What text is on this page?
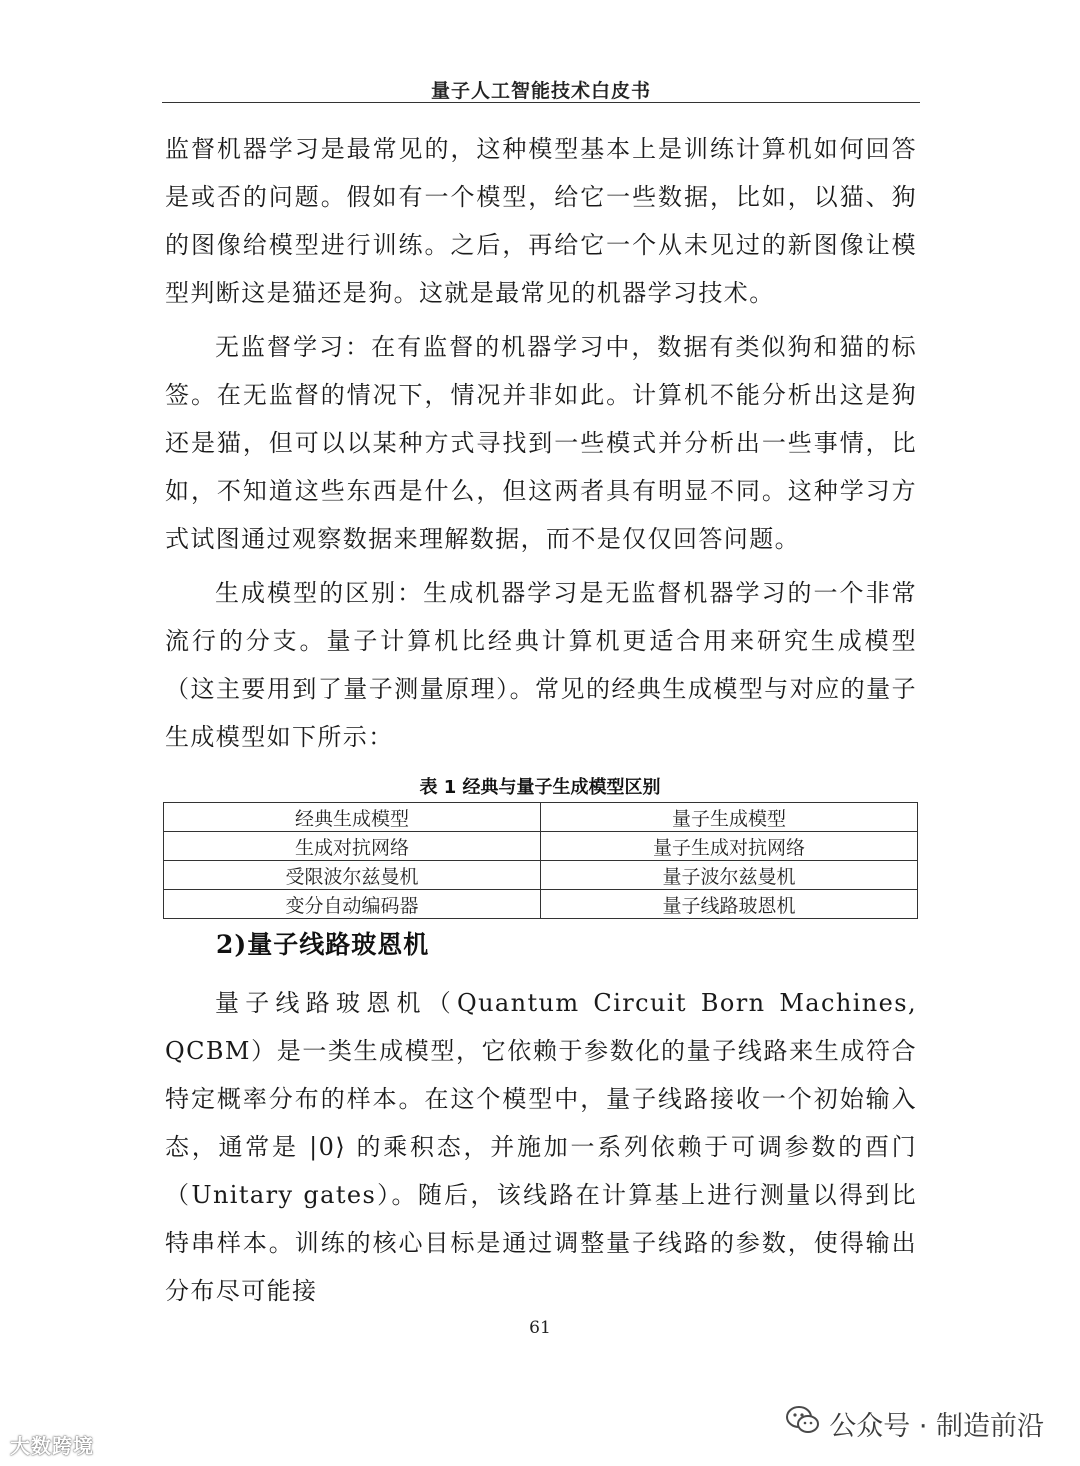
量子人工智能技术白皮书

监督机器学习是最常见的，这种模型基本上是训练计算机如何回答是或否的问题。假如有一个模型，给它一些数据，比如，以猫、狗的图像给模型进行训练。之后，再给它一个从未见过的新图像让模型判断这是猫还是狗。这就是最常见的机器学习技术。

无监督学习：在有监督的机器学习中，数据有类似狗和猫的标签。在无监督的情况下，情况并非如此。计算机不能分析出这是狗还是猫，但可以以某种方式寻找到一些模式并分析出一些事情，比如，不知道这些东西是什么，但这两者具有明显不同。这种学习方式试图通过观察数据来理解数据，而不是仅仅回答问题。

生成模型的区别：生成机器学习是无监督机器学习的一个非常流行的分支。量子计算机比经典计算机更适合用来研究生成模型（这主要用到了量子测量原理）。常见的经典生成模型与对应的量子生成模型如下所示：

表 1 经典与量子生成模型区别
经典生成模型	量子生成模型
生成对抗网络	量子生成对抗网络
受限波尔兹曼机	量子波尔兹曼机
变分自动编码器	量子线路玻恩机
2)量子线路玻恩机

量子线路玻恩机（Quantum Circuit Born Machines, QCBM）是一类生成模型，它依赖于参数化的量子线路来生成符合特定概率分布的样本。在这个模型中，量子线路接收一个初始输入态，通常是 |0⟩ 的乘积态，并施加一系列依赖于可调参数的酉门（Unitary gates）。随后，该线路在计算基上进行测量以得到比特串样本。训练的核心目标是通过调整量子线路的参数，使得输出分布尽可能接

61
大数跨境
公众号 · 制造前沿
